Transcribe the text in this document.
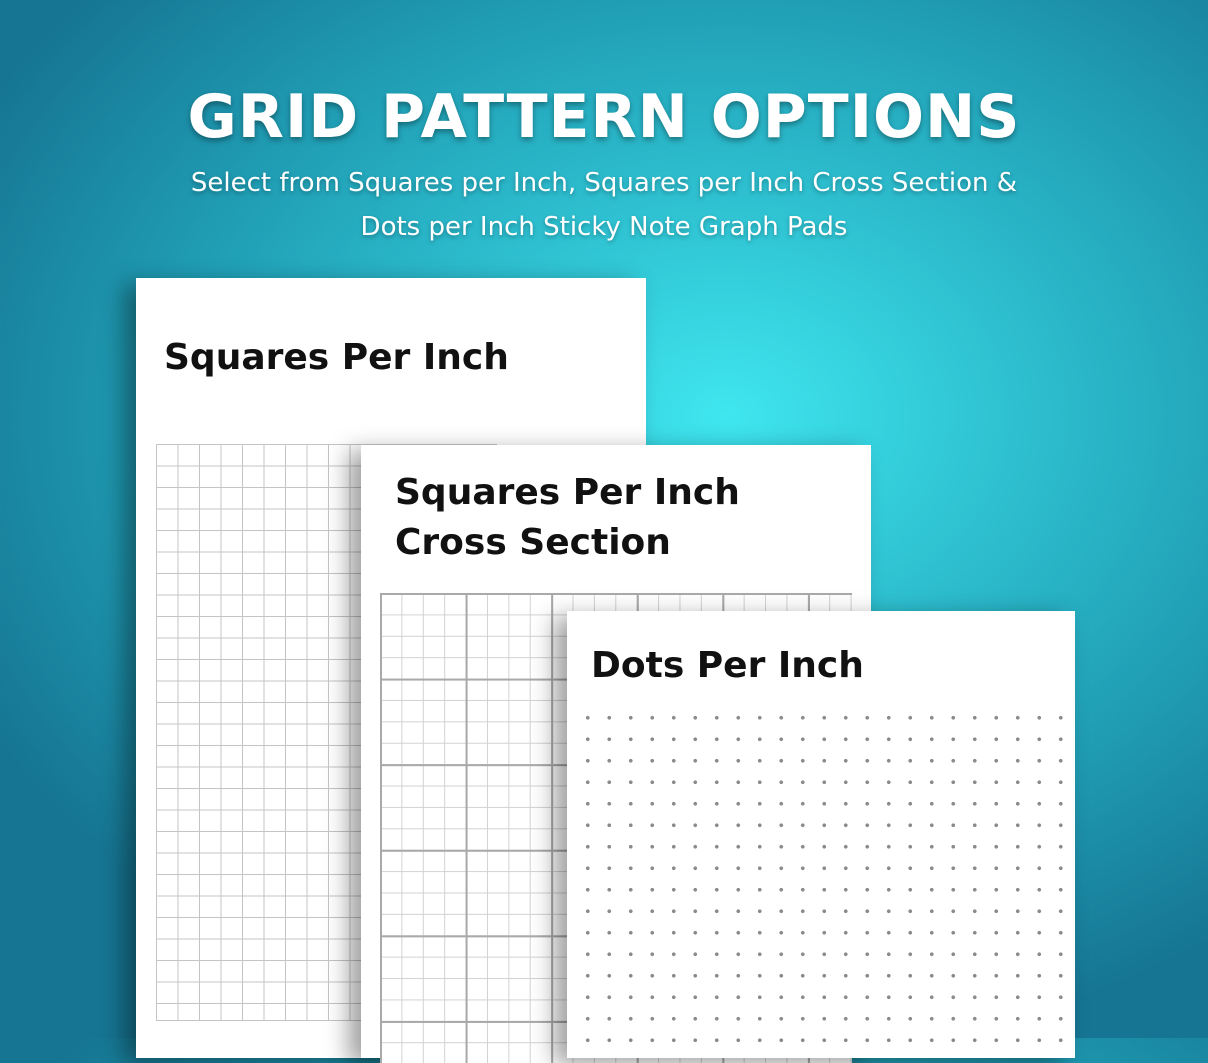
GRID PATTERN OPTIONS
Select from Squares per Inch, Squares per Inch Cross Section &
Dots per Inch Sticky Note Graph Pads
Squares Per Inch
Squares Per Inch
Cross Section
Dots Per Inch
